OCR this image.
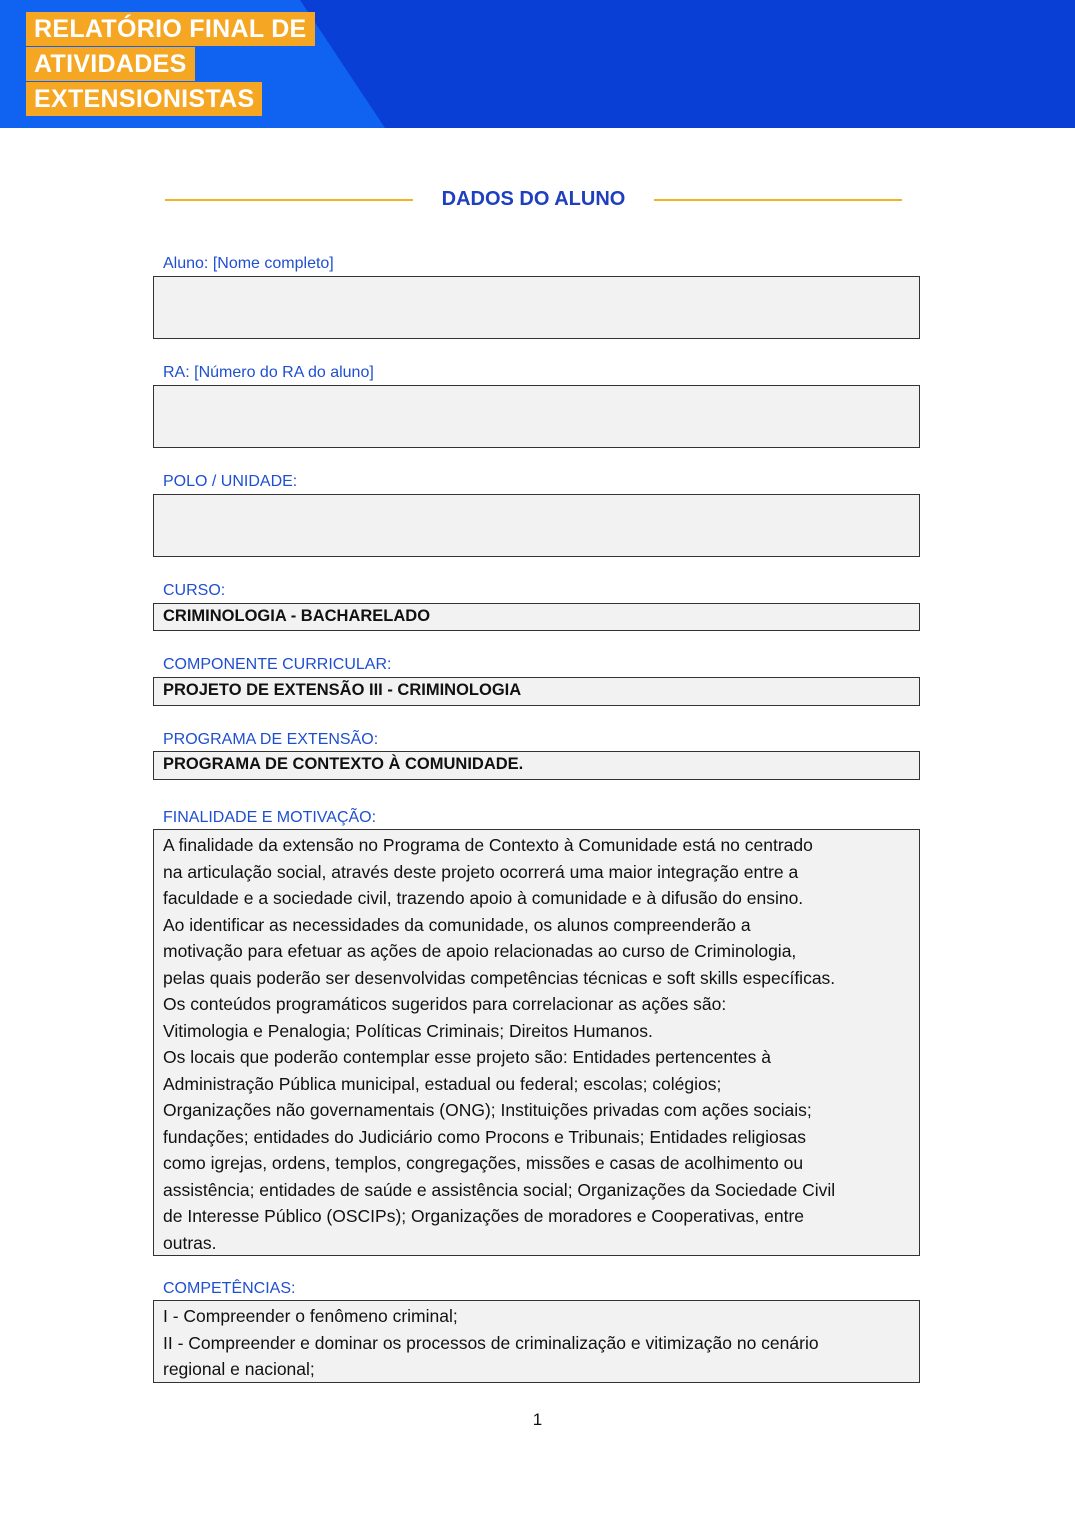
RELATÓRIO FINAL DE
ATIVIDADES
EXTENSIONISTAS
DADOS DO ALUNO
Aluno: [Nome completo]
RA: [Número do RA do aluno]
POLO / UNIDADE:
CURSO:
CRIMINOLOGIA - BACHARELADO
COMPONENTE CURRICULAR:
PROJETO DE EXTENSÃO III - CRIMINOLOGIA
PROGRAMA DE EXTENSÃO:
PROGRAMA DE CONTEXTO À COMUNIDADE.
FINALIDADE E MOTIVAÇÃO:
A finalidade da extensão no Programa de Contexto à Comunidade está no centrado
na articulação social, através deste projeto ocorrerá uma maior integração entre a
faculdade e a sociedade civil, trazendo apoio à comunidade e à difusão do ensino.
Ao identificar as necessidades da comunidade, os alunos compreenderão a
motivação para efetuar as ações de apoio relacionadas ao curso de Criminologia,
pelas quais poderão ser desenvolvidas competências técnicas e soft skills específicas.
Os conteúdos programáticos sugeridos para correlacionar as ações são:
Vitimologia e Penalogia; Políticas Criminais; Direitos Humanos.
Os locais que poderão contemplar esse projeto são: Entidades pertencentes à
Administração Pública municipal, estadual ou federal; escolas; colégios;
Organizações não governamentais (ONG); Instituições privadas com ações sociais;
fundações; entidades do Judiciário como Procons e Tribunais; Entidades religiosas
como igrejas, ordens, templos, congregações, missões e casas de acolhimento ou
assistência; entidades de saúde e assistência social; Organizações da Sociedade Civil
de Interesse Público (OSCIPs); Organizações de moradores e Cooperativas, entre
outras.
COMPETÊNCIAS:
I - Compreender o fenômeno criminal;
II - Compreender e dominar os processos de criminalização e vitimização no cenário
regional e nacional;
1
